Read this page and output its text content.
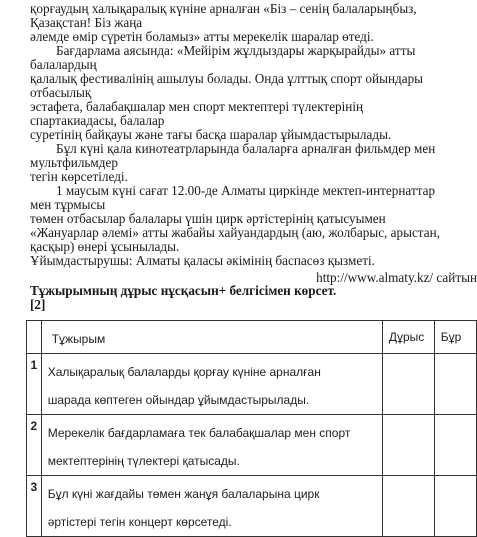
қорғаудың халықаралық күніне арналған «Біз – сенің балаларыңбыз,
Қазақстан! Біз жаңа
әлемде өмір сүретін боламыз» атты мерекелік шаралар өтеді.
Бағдарлама аясында: «Мейірім жұлдыздары жарқырайды» атты
балалардың
қалалық фестивалінің ашылуы болады. Онда ұлттық спорт ойындары
отбасылық
эстафета, балабақшалар мен спорт мектептері түлектерінің
спартакиадасы, балалар
суретінің байқауы және тағы басқа шаралар ұйымдастырылады.
Бұл күні қала кинотеатрларында балаларға арналған фильмдер мен
мультфильмдер
тегін көрсетіледі.
1 маусым күні сағат 12.00-де Алматы циркінде мектеп-интернаттар
мен тұрмысы
төмен отбасылар балалары үшін цирк әртістерінің қатысуымен
«Жануарлар әлемі» атты жабайы хайуандардың (аю, жолбарыс, арыстан,
қасқыр) өнері ұсынылады.
Ұйымдастырушы: Алматы қаласы әкімінің баспасөз қызметі.
http://www.almaty.kz/ сайтын
Тұжырымның дұрыс нұсқасын+ белгісімен көрсет.
[2]
	Тұжырым	Дұрыс	Бұр
1	Халықаралық балаларды қорғау күніне арналған
шарада көптеген ойындар ұйымдастырылады.		

2	Мерекелік бағдарламаға тек балабақшалар мен спорт
мектептерінің түлектері қатысады.		

3	Бұл күні жағдайы төмен жанұя балаларына цирк
әртістері тегін концерт көрсетеді.		
